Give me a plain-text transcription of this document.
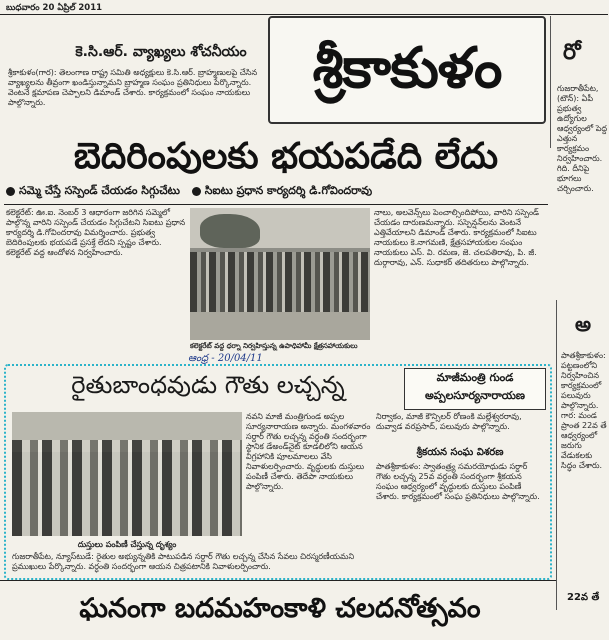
బుధవారం 20 ఏప్రిల్ 2011
కె.సి.ఆర్. వ్యాఖ్యలు శోచనీయం
శ్రీకాకుళం(గార): తెలంగాణ రాష్ట్ర సమితి అధ్యక్షులు కె.సి.ఆర్. బ్రాహ్మణులపై చేసిన వ్యాఖ్యలను తీవ్రంగా ఖండిస్తున్నామని బ్రాహ్మణ సంఘం ప్రతినిధులు పేర్కొన్నారు. వెంటనే క్షమాపణ చెప్పాలని డిమాండ్ చేశారు. కార్యక్రమంలో సంఘం నాయకులు పాల్గొన్నారు.
శ్రీకాకుళం	రో
గుజరాతీపేట, (టౌన్): ఏపీ ప్రభుత్వ ఉద్యోగుల ఆధ్వర్యంలో పెద్ద ఎత్తున కార్యక్రమం నిర్వహించారు. గిది. దీనిపై భూగలు చర్చించారు.
బెదిరింపులకు భయపడేది లేదు
సమ్మె చేస్తే సస్పెండ్ చేయడం సిగ్గుచేటు సిఐటు ప్రధాన కార్యదర్శి డి.గోవిందరావు
కలెక్టరేట్: ఊ.ఐ. నెంబర్ 3 ఆధారంగా జరిగిన సమ్మెలో పాల్గొన్న వారిని సస్పెండ్ చేయడం సిగ్గుచేటని సిఐటు ప్రధాన కార్యదర్శి డి.గోవిందరావు విమర్శించారు. ప్రభుత్వ బెదిరింపులకు భయపడే ప్రసక్తే లేదని స్పష్టం చేశారు. కలెక్టరేట్ వద్ద ఆందోళన నిర్వహించారు.
కలెక్టరేట్ వద్ద ధర్నా నిర్వహిస్తున్న ఉపాధిహామీ క్షేత్రసహాయకులు
నాలు, అలవెన్స్‌లు పెంచాల్సిందిపోయి, వారిని సస్పెండ్ చేయడం దారుణమన్నారు. సస్పెన్షన్‌లను వెంటనే ఎత్తివేయాలని డిమాండ్ చేశారు. కార్యక్రమంలో సిఐటు నాయకులు కె.నాగమణి, క్షేత్రసహాయకుల సంఘం నాయకులు ఎస్. వి. రమణ, జె. చలపతిరావు, పి. జీ. దుర్గారావు, ఎన్. సుధాకర్ తదితరులు పాల్గొన్నారు.
ఆంధ్ర - 20/04/11
అ
పాతశ్రీకాకుళం: పట్టణంలోని నిర్వహించిన కార్యక్రమంలో పలువురు పాల్గొన్నారు. గార: మండ ప్రాంత 22వ తే ఆధ్వర్యంలో జరుగు వేడుకలకు సిద్ధం చేశారు.
22వ తే
రైతుబాంధవుడు గౌతు లచ్చన్న	మాజీమంత్రి గుండ
అప్పలసూర్యనారాయణ
దుస్తులు పంపిణీ చేస్తున్న దృశ్యం
గుజరాతీపేట, న్యూస్‌టుడే: రైతుల అభ్యున్నతికి పాటుపడిన సర్దార్ గౌతు లచ్చన్న చేసిన సేవలు చిరస్మరణీయమని ప్రముఖులు పేర్కొన్నారు. వర్ధంతి సందర్భంగా ఆయన చిత్రపటానికి నివాళులర్పించారు.
నవని మాజీ మంత్రిగుండ అప్పల సూర్యనారాయణ అన్నారు. మంగళవారం సర్దార్ గౌతు లచ్చన్న వర్ధంతి సందర్భంగా స్థానిక డేఅండ్‌నైట్ కూడలిలోని ఆయన విగ్రహానికి పూలమాలలు వేసి నివాళులర్పించారు. వృద్ధులకు దుస్తులు పంపిణీ చేశారు. తెదేపా నాయకులు పాల్గొన్నారు.
నిర్వాకం, మాజీ కౌన్సిలర్ రోణంకి మల్లేశ్వరరావు, దువ్వాడ వరప్రసాద్, పలువురు పాల్గొన్నారు.
శ్రీకయన సంఘ విశరణ
పాతశ్రీకాకుళం: స్వాతంత్ర్య సమరయోధుడు సర్దార్ గౌతు లచ్చన్న 25వ వర్ధంతి సందర్భంగా శ్రీకయన సంఘం ఆధ్వర్యంలో వృద్ధులకు దుస్తులు పంపిణీ చేశారు. కార్యక్రమంలో సంఘ ప్రతినిధులు పాల్గొన్నారు.
ఘనంగా బదమహంకాళి చలదనోత్సవం
